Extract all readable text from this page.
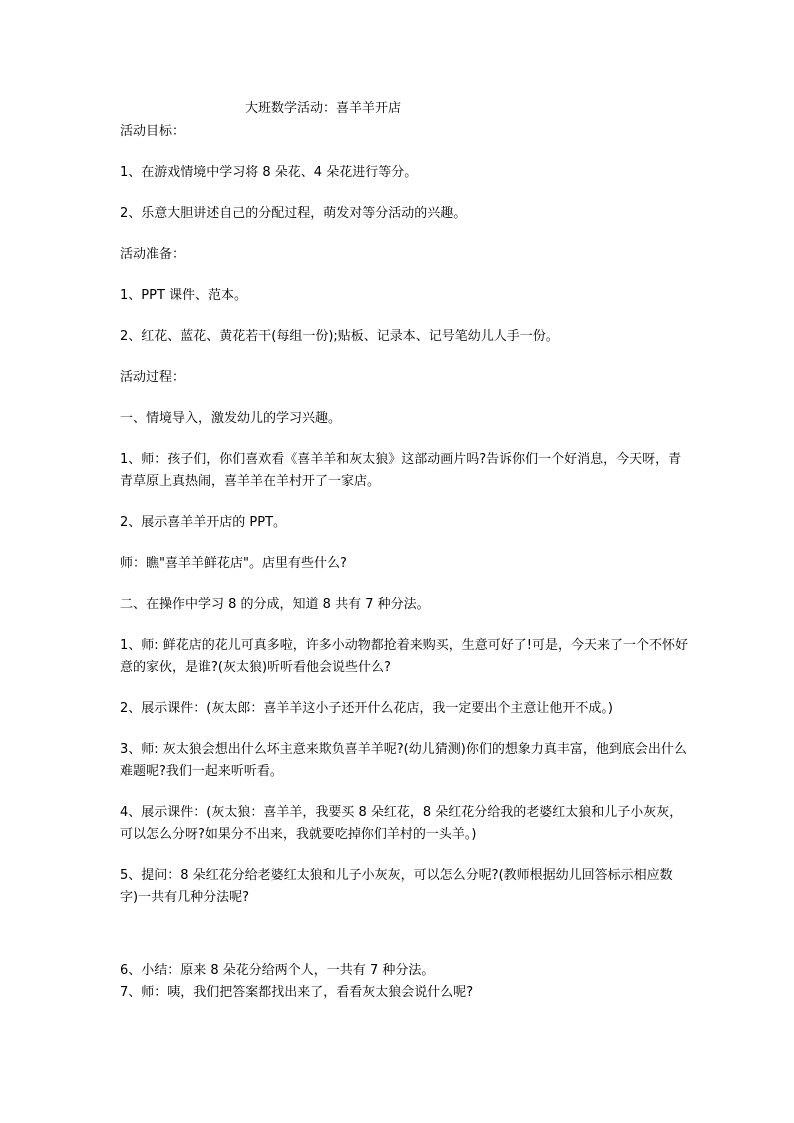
大班数学活动：喜羊羊开店

活动目标：

1、在游戏情境中学习将 8 朵花、4 朵花进行等分。

2、乐意大胆讲述自己的分配过程，萌发对等分活动的兴趣。

活动准备：

1、PPT 课件、范本。

2、红花、蓝花、黄花若干(每组一份);贴板、记录本、记号笔幼儿人手一份。

活动过程：

一、情境导入，激发幼儿的学习兴趣。

1、师：孩子们，你们喜欢看《喜羊羊和灰太狼》这部动画片吗?告诉你们一个好消息，今天呀，青青草原上真热闹，喜羊羊在羊村开了一家店。

2、展示喜羊羊开店的 PPT。

师：瞧"喜羊羊鲜花店"。店里有些什么?

二、在操作中学习 8 的分成，知道 8 共有 7 种分法。

1、师: 鲜花店的花儿可真多啦，许多小动物都抢着来购买，生意可好了!可是，今天来了一个不怀好意的家伙，是谁?(灰太狼)听听看他会说些什么?

2、展示课件：(灰太郎：喜羊羊这小子还开什么花店，我一定要出个主意让他开不成。)

3、师: 灰太狼会想出什么坏主意来欺负喜羊羊呢?(幼儿猜测)你们的想象力真丰富，他到底会出什么难题呢?我们一起来听听看。

4、展示课件：(灰太狼：喜羊羊，我要买 8 朵红花，8 朵红花分给我的老婆红太狼和儿子小灰灰，可以怎么分呀?如果分不出来，我就要吃掉你们羊村的一头羊。)

5、提问：8 朵红花分给老婆红太狼和儿子小灰灰，可以怎么分呢?(教师根据幼儿回答标示相应数字)一共有几种分法呢?

6、小结：原来 8 朵花分给两个人，一共有 7 种分法。

7、师：咦，我们把答案都找出来了，看看灰太狼会说什么呢?
